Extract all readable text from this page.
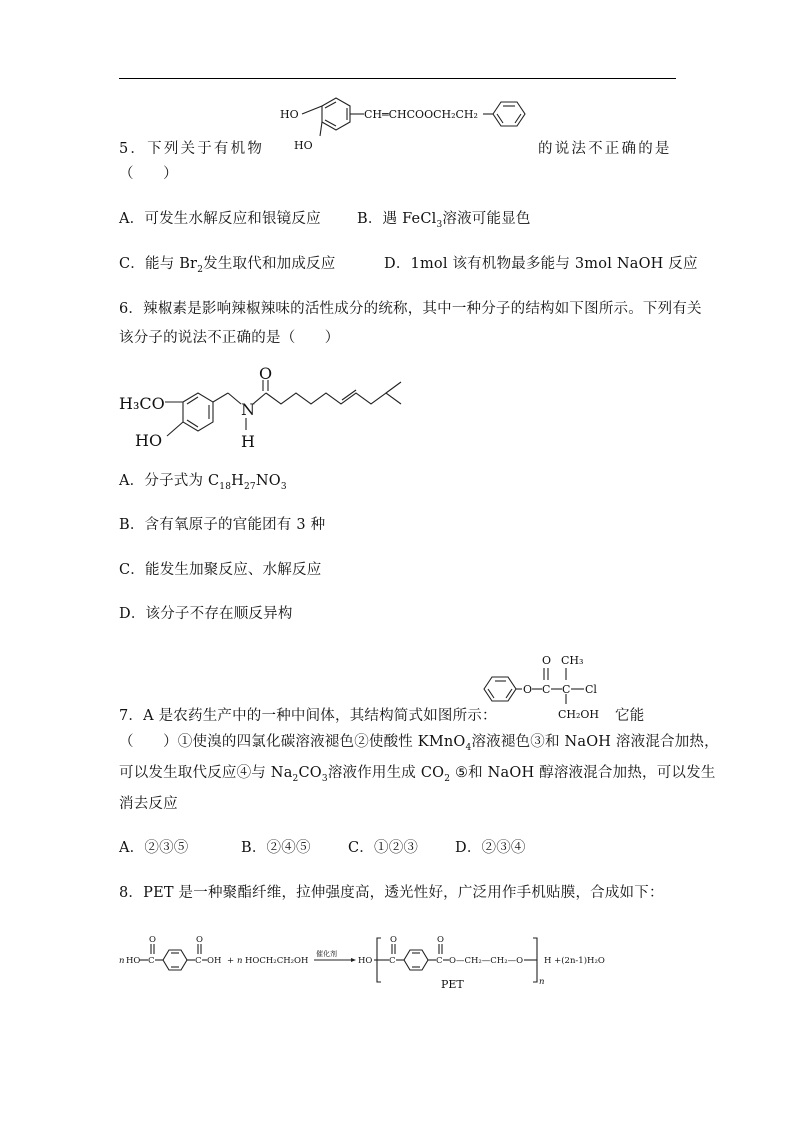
5．下列关于有机物
HO
HO
CH═CHCOOCH₂CH₂
的说法不正确的是
（　　）
A．可发生水解反应和银镜反应 B．遇 FeCl$_3$溶液可能显色
C．能与 $Br_2$发生取代和加成反应	D．1mol 该有机物最多能与 3mol NaOH 反应
6．辣椒素是影响辣椒辣味的活性成分的统称，其中一种分子的结构如下图所示。下列有关
该分子的说法不正确的是（　　）
H₃CO
HO
N
H
O
A．分子式为 $C_{18}H_{27}NO_3$
B．含有氧原子的官能团有 3 种
C．能发生加聚反应、水解反应
D．该分子不存在顺反异构
O C
O
C
CH₃
Cl
CH₂OH
7．A 是农药生产中的一种中间体，其结构简式如图所示：	它能
（　　）①使溴的四氯化碳溶液褪色②使酸性 KMnO$_4$溶液褪色③和 NaOH 溶液混合加热，
可以发生取代反应④与 $Na_2CO_3$溶液作用生成 $CO_2$ ⑤和 NaOH 醇溶液混合加热，可以发生
消去反应
A．②③⑤	B．②④⑤	C．①②③	D．②③④
8．PET 是一种聚酯纤维，拉伸强度高，透光性好，广泛用作手机贴膜，合成如下：
n HO C
O
C
O
OH + n HOCH₂CH₂OH
催化剂
HO C
O
C
O
O—CH₂—CH₂—O
n
H +(2n-1)H₂O
PET
